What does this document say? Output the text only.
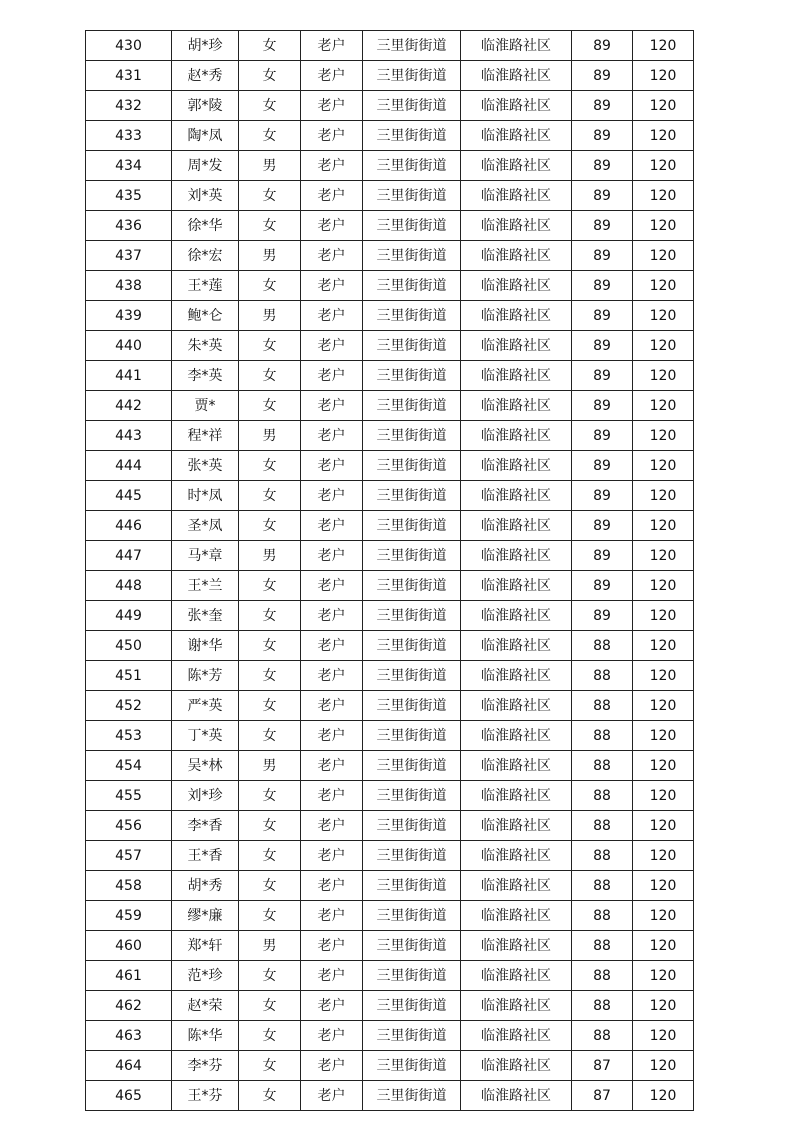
430	胡*珍	女	老户	三里街街道	临淮路社区	89	120
431	赵*秀	女	老户	三里街街道	临淮路社区	89	120
432	郭*陵	女	老户	三里街街道	临淮路社区	89	120
433	陶*凤	女	老户	三里街街道	临淮路社区	89	120
434	周*发	男	老户	三里街街道	临淮路社区	89	120
435	刘*英	女	老户	三里街街道	临淮路社区	89	120
436	徐*华	女	老户	三里街街道	临淮路社区	89	120
437	徐*宏	男	老户	三里街街道	临淮路社区	89	120
438	王*莲	女	老户	三里街街道	临淮路社区	89	120
439	鲍*仑	男	老户	三里街街道	临淮路社区	89	120
440	朱*英	女	老户	三里街街道	临淮路社区	89	120
441	李*英	女	老户	三里街街道	临淮路社区	89	120
442	贾*	女	老户	三里街街道	临淮路社区	89	120
443	程*祥	男	老户	三里街街道	临淮路社区	89	120
444	张*英	女	老户	三里街街道	临淮路社区	89	120
445	时*凤	女	老户	三里街街道	临淮路社区	89	120
446	圣*凤	女	老户	三里街街道	临淮路社区	89	120
447	马*章	男	老户	三里街街道	临淮路社区	89	120
448	王*兰	女	老户	三里街街道	临淮路社区	89	120
449	张*奎	女	老户	三里街街道	临淮路社区	89	120
450	谢*华	女	老户	三里街街道	临淮路社区	88	120
451	陈*芳	女	老户	三里街街道	临淮路社区	88	120
452	严*英	女	老户	三里街街道	临淮路社区	88	120
453	丁*英	女	老户	三里街街道	临淮路社区	88	120
454	吴*林	男	老户	三里街街道	临淮路社区	88	120
455	刘*珍	女	老户	三里街街道	临淮路社区	88	120
456	李*香	女	老户	三里街街道	临淮路社区	88	120
457	王*香	女	老户	三里街街道	临淮路社区	88	120
458	胡*秀	女	老户	三里街街道	临淮路社区	88	120
459	缪*廉	女	老户	三里街街道	临淮路社区	88	120
460	郑*轩	男	老户	三里街街道	临淮路社区	88	120
461	范*珍	女	老户	三里街街道	临淮路社区	88	120
462	赵*荣	女	老户	三里街街道	临淮路社区	88	120
463	陈*华	女	老户	三里街街道	临淮路社区	88	120
464	李*芬	女	老户	三里街街道	临淮路社区	87	120
465	王*芬	女	老户	三里街街道	临淮路社区	87	120
